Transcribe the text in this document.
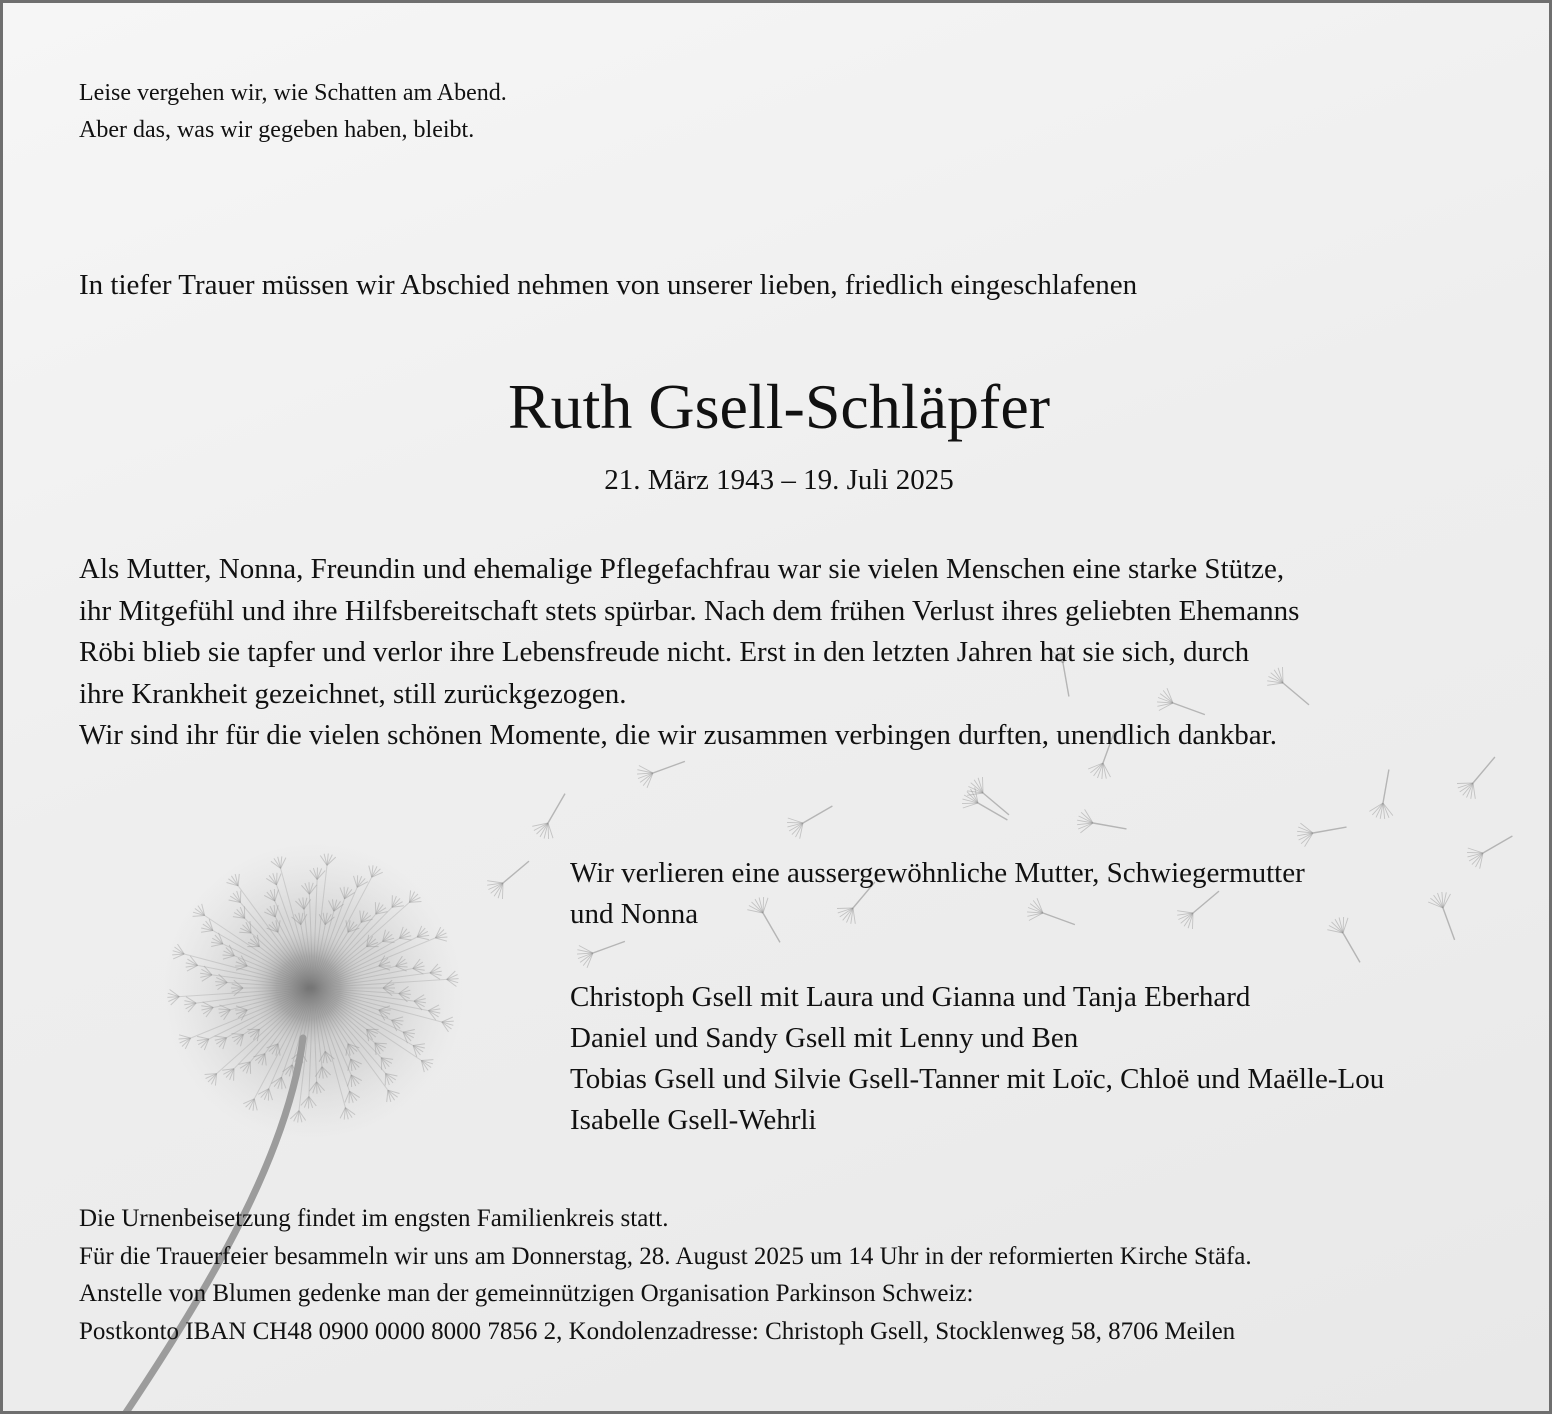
Leise vergehen wir, wie Schatten am Abend.
Aber das, was wir gegeben haben, bleibt.
In tiefer Trauer müssen wir Abschied nehmen von unserer lieben, friedlich eingeschlafenen
Ruth Gsell-Schläpfer
21. März 1943 – 19. Juli 2025
Als Mutter, Nonna, Freundin und ehemalige Pflegefachfrau war sie vielen Menschen eine starke Stütze,
ihr Mitgefühl und ihre Hilfsbereitschaft stets spürbar. Nach dem frühen Verlust ihres geliebten Ehemanns
Röbi blieb sie tapfer und verlor ihre Lebensfreude nicht. Erst in den letzten Jahren hat sie sich, durch
ihre Krankheit gezeichnet, still zurückgezogen.
Wir sind ihr für die vielen schönen Momente, die wir zusammen verbingen durften, unendlich dankbar.
Wir verlieren eine aussergewöhnliche Mutter, Schwiegermutter
und Nonna
Christoph Gsell mit Laura und Gianna und Tanja Eberhard
Daniel und Sandy Gsell mit Lenny und Ben
Tobias Gsell und Silvie Gsell-Tanner mit Loïc, Chloë und Maëlle-Lou
Isabelle Gsell-Wehrli
Die Urnenbeisetzung findet im engsten Familienkreis statt.
Für die Trauerfeier besammeln wir uns am Donnerstag, 28. August 2025 um 14 Uhr in der reformierten Kirche Stäfa.
Anstelle von Blumen gedenke man der gemeinnützigen Organisation Parkinson Schweiz:
Postkonto IBAN CH48 0900 0000 8000 7856 2, Kondolenzadresse: Christoph Gsell, Stocklenweg 58, 8706 Meilen
